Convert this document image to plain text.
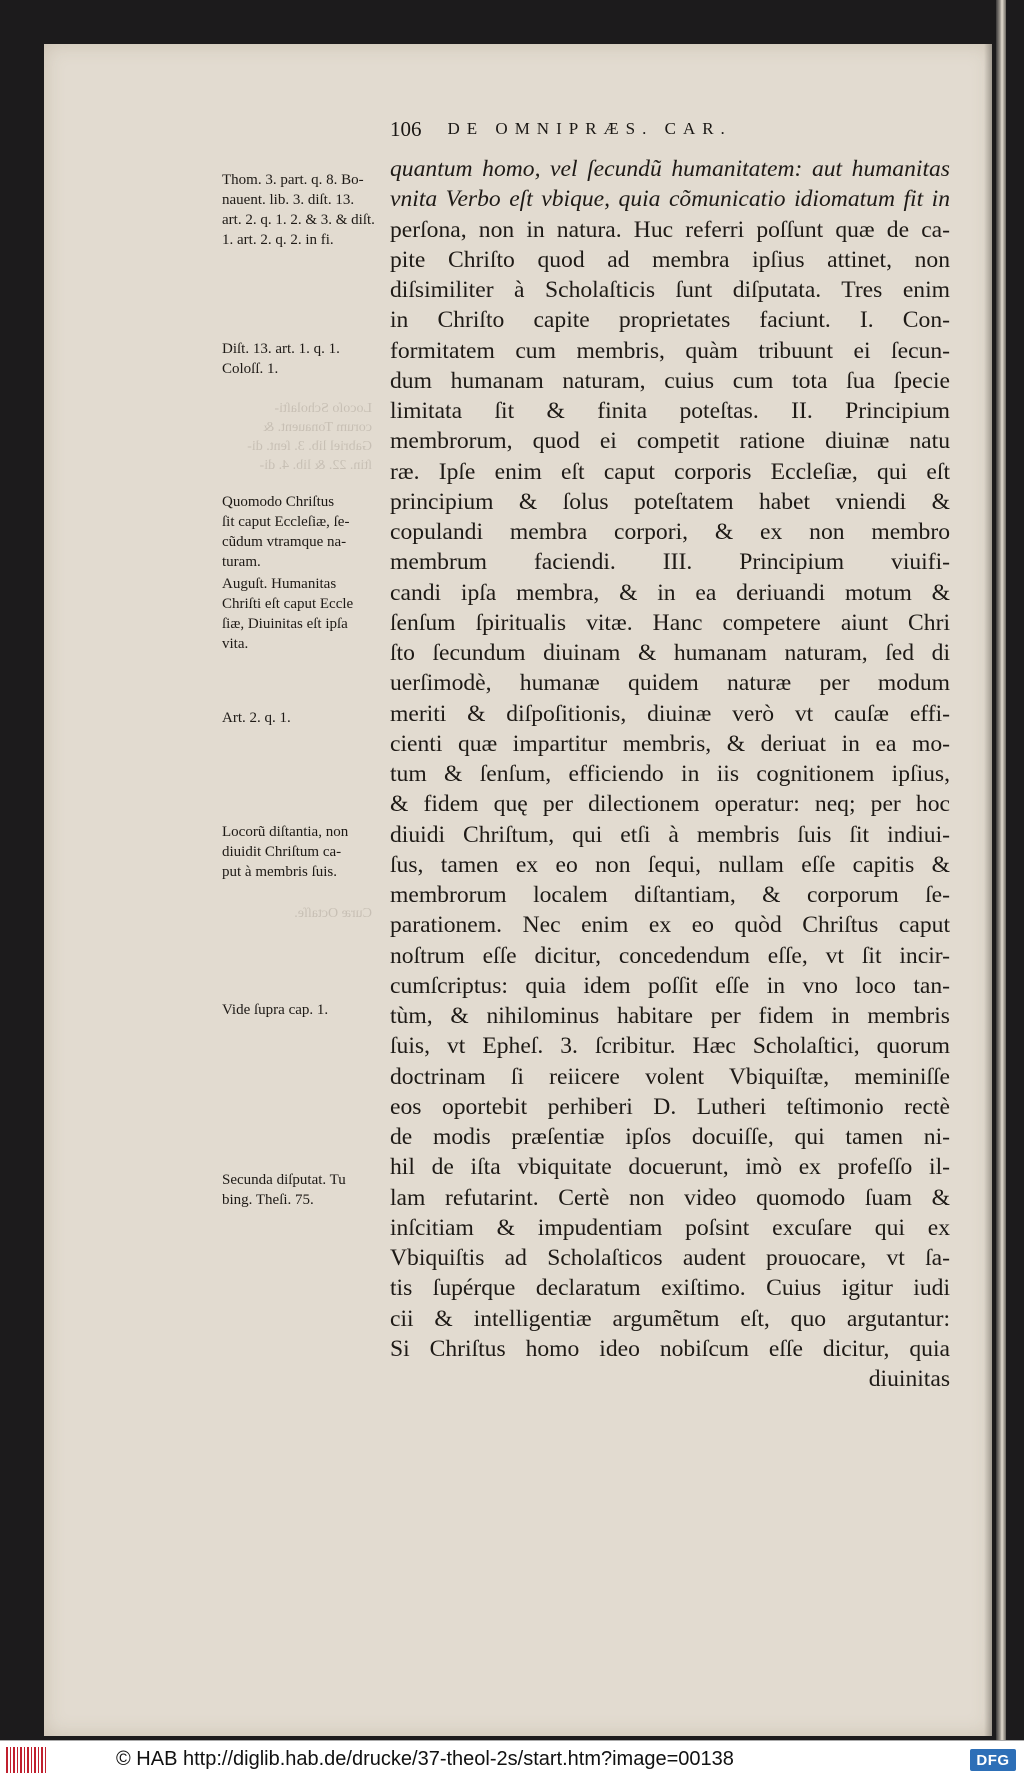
106 DE OMNIPRÆS. CAR.
Locoſo Scholaſti-
corum Tonauent. &
Gabriel lib. 3. ſent. di-
ſtin. 22. & lib. 4. di-
Curæ Octaſſe.
Thom. 3. part. q. 8. Bo-
nauent. lib. 3. diſt. 13.
art. 2. q. 1. 2. & 3. & diſt.
1. art. 2. q. 2. in fi.
Diſt. 13. art. 1. q. 1.
Coloſſ. 1.
Quomodo Chriſtus
ſit caput Eccleſiæ, ſe-
cũdum vtramque na-
turam.
Auguſt. Humanitas
Chriſti eſt caput Eccle
ſiæ, Diuinitas eſt ipſa
vita.
Art. 2. q. 1.
Locorũ diſtantia, non
diuidit Chriſtum ca-
put à membris ſuis.
Vide ſupra cap. 1.
Secunda diſputat. Tu
bing. Theſi. 75.
quantum homo, vel ſecundũ humanitatem: aut humanitas
vnita Verbo eſt vbique, quia cõmunicatio idiomatum fit in
perſona, non in natura. Huc referri poſſunt quæ de ca-
pite Chriſto quod ad membra ipſius attinet, non
diſsimiliter à Scholaſticis ſunt diſputata. Tres enim
in Chriſto capite proprietates faciunt. I. Con-
formitatem cum membris, quàm tribuunt ei ſecun-
dum humanam naturam, cuius cum tota ſua ſpecie
limitata ſit & finita poteſtas. II. Principium
membrorum, quod ei competit ratione diuinæ natu
ræ. Ipſe enim eſt caput corporis Eccleſiæ, qui eſt
principium & ſolus poteſtatem habet vniendi &
copulandi membra corpori, & ex non membro
membrum faciendi. III. Principium viuifi-
candi ipſa membra, & in ea deriuandi motum &
ſenſum ſpiritualis vitæ. Hanc competere aiunt Chri
ſto ſecundum diuinam & humanam naturam, ſed di
uerſimodè, humanæ quidem naturæ per modum
meriti & diſpoſitionis, diuinæ verò vt cauſæ effi-
cienti quæ impartitur membris, & deriuat in ea mo-
tum & ſenſum, efficiendo in iis cognitionem ipſius,
& fidem quę per dilectionem operatur: neq; per hoc
diuidi Chriſtum, qui etſi à membris ſuis ſit indiui-
ſus, tamen ex eo non ſequi, nullam eſſe capitis &
membrorum localem diſtantiam, & corporum ſe-
parationem. Nec enim ex eo quòd Chriſtus caput
noſtrum eſſe dicitur, concedendum eſſe, vt ſit incir-
cumſcriptus: quia idem poſſit eſſe in vno loco tan-
tùm, & nihilominus habitare per fidem in membris
ſuis, vt Epheſ. 3. ſcribitur. Hæc Scholaſtici, quorum
doctrinam ſi reiicere volent Vbiquiſtæ, meminiſſe
eos oportebit perhiberi D. Lutheri teſtimonio rectè
de modis præſentiæ ipſos docuiſſe, qui tamen ni-
hil de iſta vbiquitate docuerunt, imò ex profeſſo il-
lam refutarint. Certè non video quomodo ſuam &
inſcitiam & impudentiam poſsint excuſare qui ex
Vbiquiſtis ad Scholaſticos audent prouocare, vt ſa-
tis ſupérque declaratum exiſtimo. Cuius igitur iudi
cii & intelligentiæ argumẽtum eſt, quo argutantur:
Si Chriſtus homo ideo nobiſcum eſſe dicitur, quia
diuinitas
© HAB http://diglib.hab.de/drucke/37-theol-2s/start.htm?image=00138	DFG
